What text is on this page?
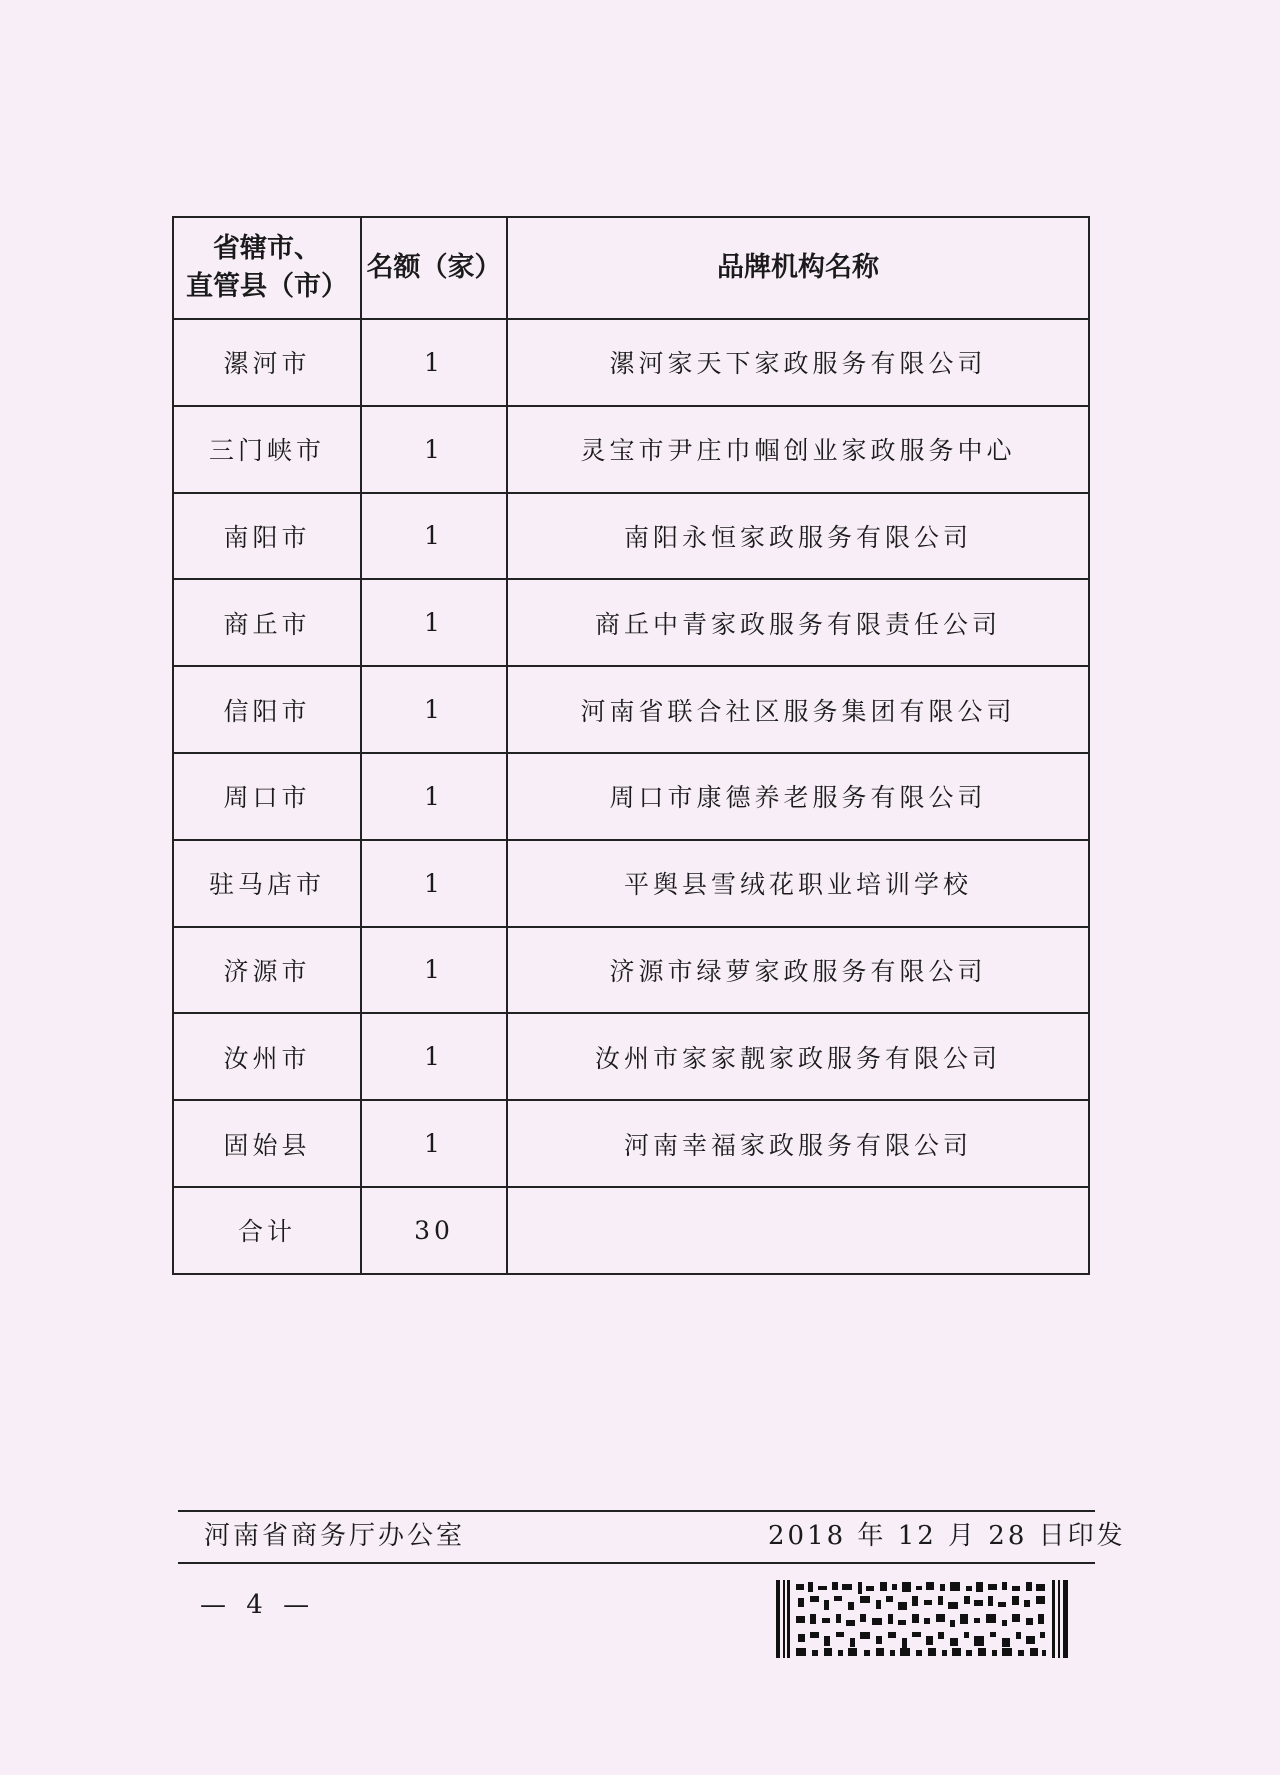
省辖市、
直管县（市）	名额（家）	品牌机构名称
漯河市	1	漯河家天下家政服务有限公司
三门峡市	1	灵宝市尹庄巾帼创业家政服务中心
南阳市	1	南阳永恒家政服务有限公司
商丘市	1	商丘中青家政服务有限责任公司
信阳市	1	河南省联合社区服务集团有限公司
周口市	1	周口市康德养老服务有限公司
驻马店市	1	平舆县雪绒花职业培训学校
济源市	1	济源市绿萝家政服务有限公司
汝州市	1	汝州市家家靓家政服务有限公司
固始县	1	河南幸福家政服务有限公司
合计	30	
河南省商务厅办公室	2018 年 12 月 28 日印发
— 4 —
